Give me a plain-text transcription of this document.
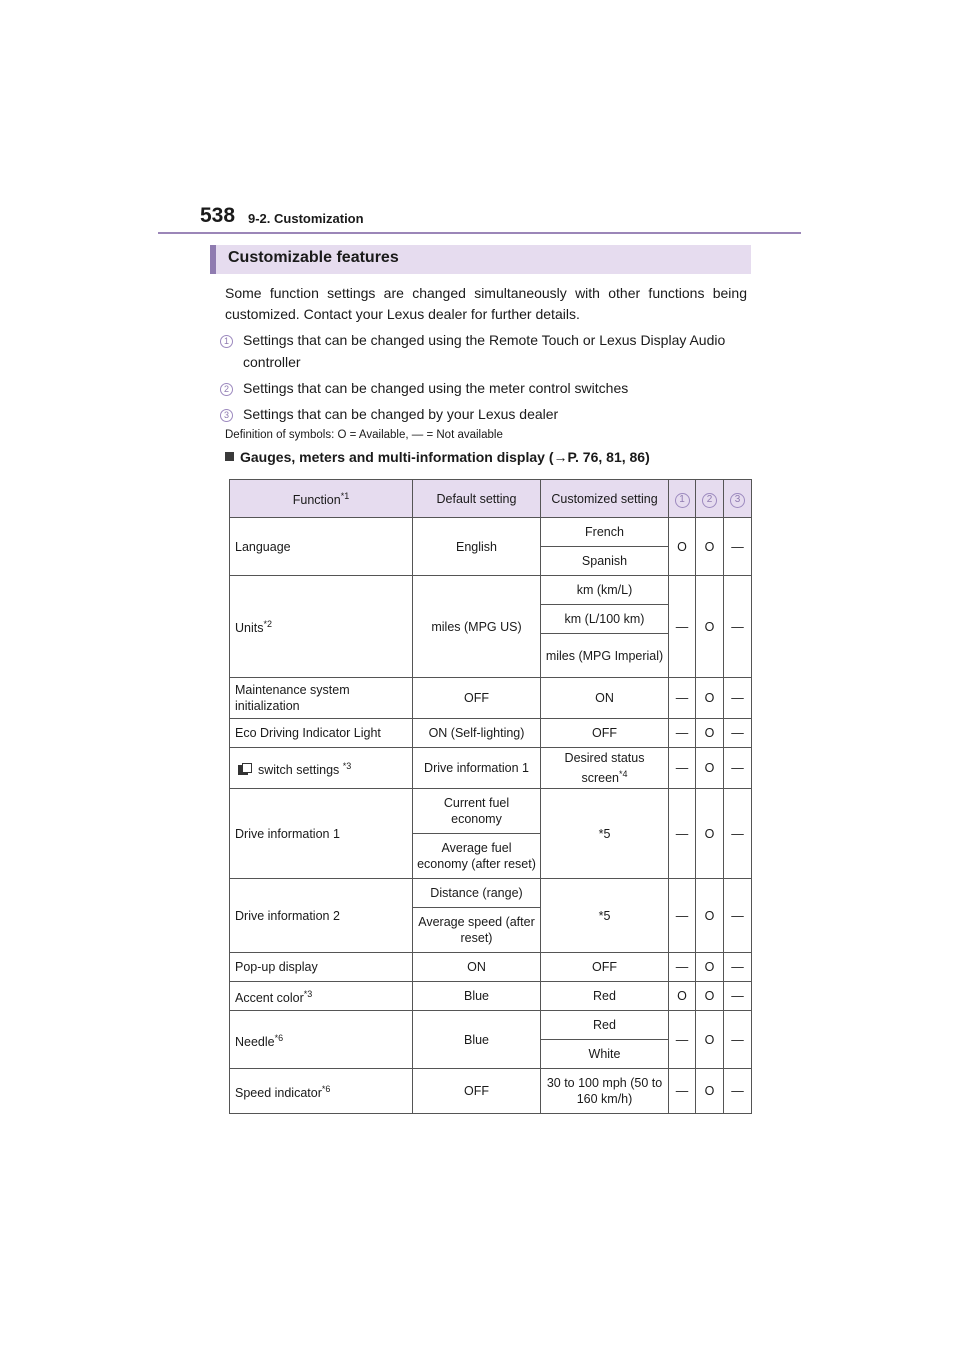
538 9-2. Customization
Customizable features
Some function settings are changed simultaneously with other functions being customized. Contact your Lexus dealer for further details.
1 Settings that can be changed using the Remote Touch or Lexus Display Audio controller
2 Settings that can be changed using the meter control switches
3 Settings that can be changed by your Lexus dealer
Definition of symbols: O = Available, — = Not available
Gauges, meters and multi-information display (→P. 76, 81, 86)
Function$^{*1}$	Default setting	Customized setting	1	2	3
Language	English	French	O	O	—
		Spanish			
Units$^{*2}$	miles (MPG US)	km (km/L)	—	O	—
		km (L/100 km)			
		miles (MPG Imperial)			
Maintenance system initialization	OFF	ON	—	O	—
Eco Driving Indicator Light	ON (Self-lighting)	OFF	—	O	—
switch settings $^{*3}$	Drive information 1	Desired status screen$^{*4}$	—	O	—
Drive information 1	Current fuel economy	*5	—	O	—
	Average fuel economy (after reset)				
Drive information 2	Distance (range)	*5	—	O	—
	Average speed (after reset)				
Pop-up display	ON	OFF	—	O	—
Accent color$^{*3}$	Blue	Red	O	O	—
Needle$^{*6}$	Blue	Red	—	O	—
		White			
Speed indicator$^{*6}$	OFF	30 to 100 mph (50 to 160 km/h)	—	O	—
